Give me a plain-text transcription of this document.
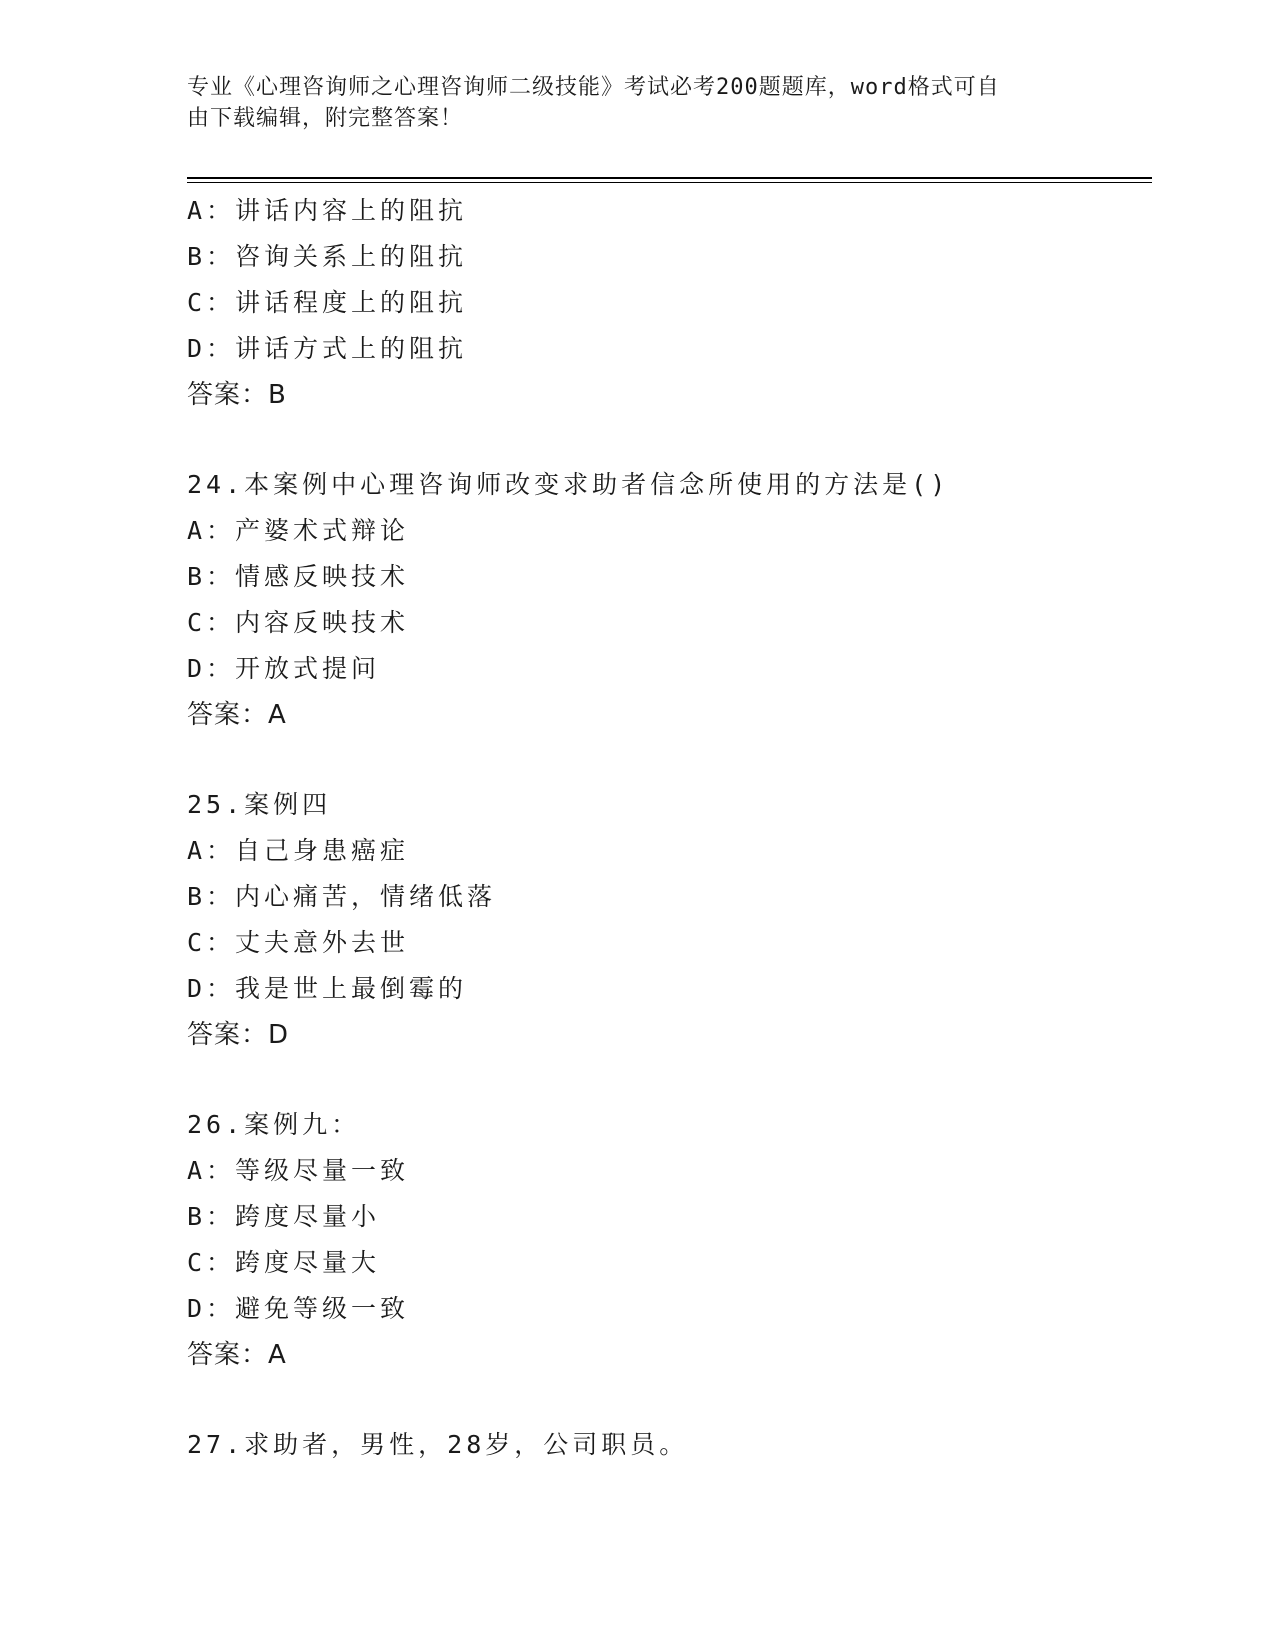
专业《心理咨询师之心理咨询师二级技能》考试必考200题题库，word格式可自
由下载编辑，附完整答案！
A：讲话内容上的阻抗
B：咨询关系上的阻抗
C：讲话程度上的阻抗
D：讲话方式上的阻抗
答案：B
24.本案例中心理咨询师改变求助者信念所使用的方法是()
A：产婆术式辩论
B：情感反映技术
C：内容反映技术
D：开放式提问
答案：A
25.案例四
A：自己身患癌症
B：内心痛苦，情绪低落
C：丈夫意外去世
D：我是世上最倒霉的
答案：D
26.案例九：
A：等级尽量一致
B：跨度尽量小
C：跨度尽量大
D：避免等级一致
答案：A
27.求助者，男性，28岁，公司职员。
